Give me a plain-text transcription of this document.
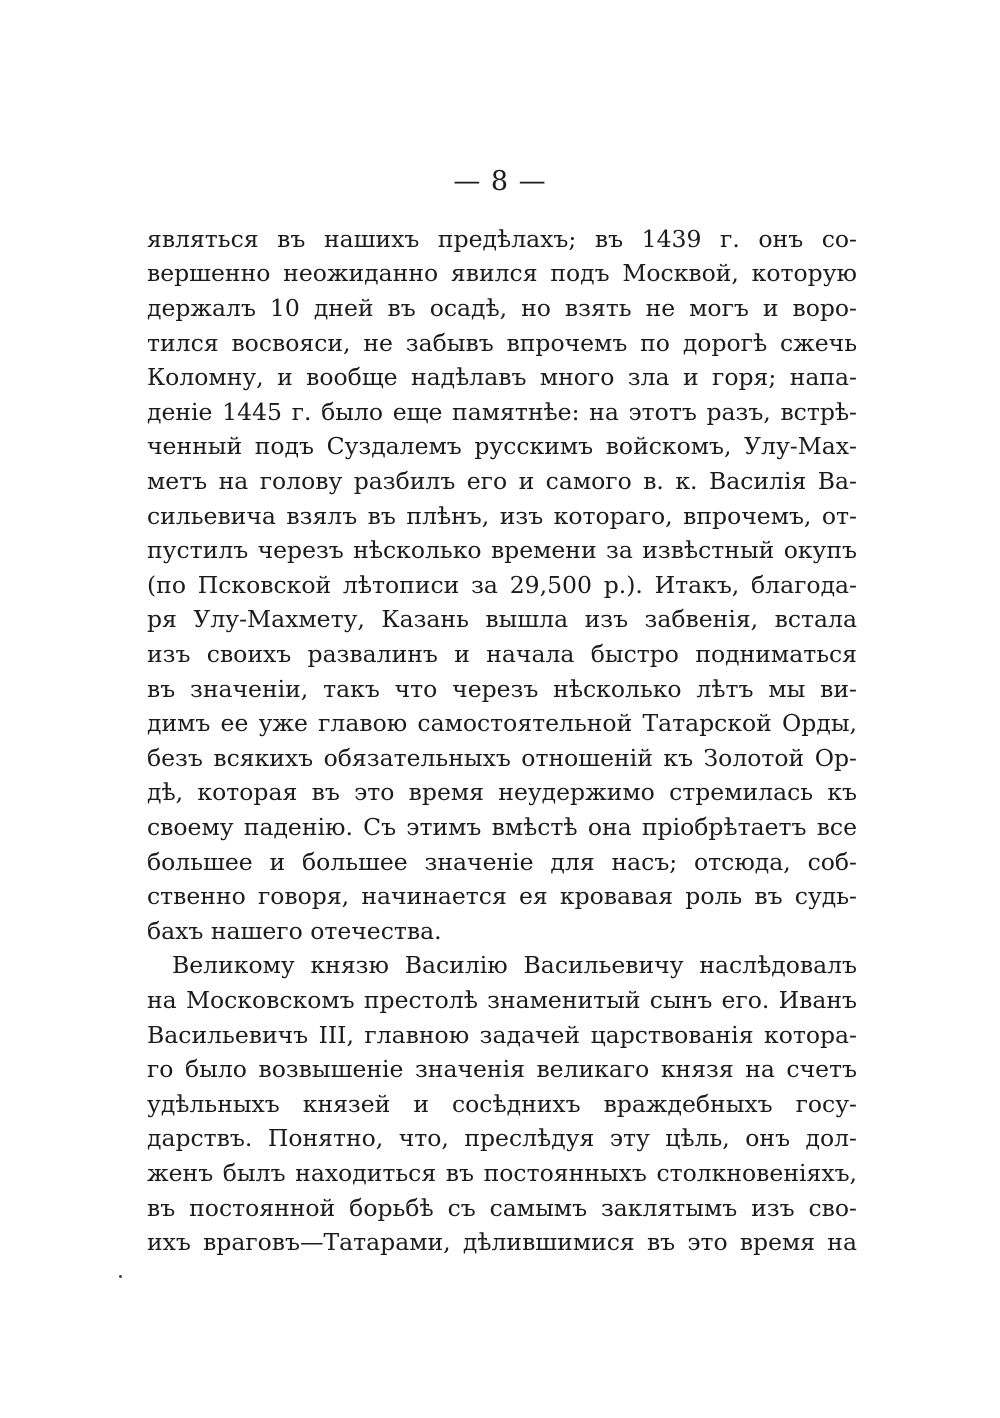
— 8 —
являться въ нашихъ предѣлахъ; въ 1439 г. онъ со-
вершенно неожиданно явился подъ Москвой, которую
держалъ 10 дней въ осадѣ, но взять не могъ и воро-
тился восвояси, не забывъ впрочемъ по дорогѣ сжечь
Коломну, и вообще надѣлавъ много зла и горя; напа-
деніе 1445 г. было еще памятнѣе: на этотъ разъ, встрѣ-
ченный подъ Суздалемъ русскимъ войскомъ, Улу-Мах-
метъ на голову разбилъ его и самого в. к. Василія Ва-
сильевича взялъ въ плѣнъ, изъ котораго, впрочемъ, от-
пустилъ черезъ нѣсколько времени за извѣстный окупъ
(по Псковской лѣтописи за 29,500 р.). Итакъ, благода-
ря Улу-Махмету, Казань вышла изъ забвенія, встала
изъ своихъ развалинъ и начала быстро подниматься
въ значеніи, такъ что черезъ нѣсколько лѣтъ мы ви-
димъ ее уже главою самостоятельной Татарской Орды,
безъ всякихъ обязательныхъ отношеній къ Золотой Ор-
дѣ, которая въ это время неудержимо стремилась къ
своему паденію. Съ этимъ вмѣстѣ она пріобрѣтаетъ все
большее и большее значеніе для насъ; отсюда, соб-
ственно говоря, начинается ея кровавая роль въ судь-
бахъ нашего отечества.
Великому князю Василію Васильевичу наслѣдовалъ
на Московскомъ престолѣ знаменитый сынъ его. Иванъ
Васильевичъ III, главною задачей царствованія котора-
го было возвышеніе значенія великаго князя на счетъ
удѣльныхъ князей и сосѣднихъ враждебныхъ госу-
дарствъ. Понятно, что, преслѣдуя эту цѣль, онъ дол-
женъ былъ находиться въ постоянныхъ столкновеніяхъ,
въ постоянной борьбѣ съ самымъ заклятымъ изъ сво-
ихъ враговъ—Татарами, дѣлившимися въ это время на
